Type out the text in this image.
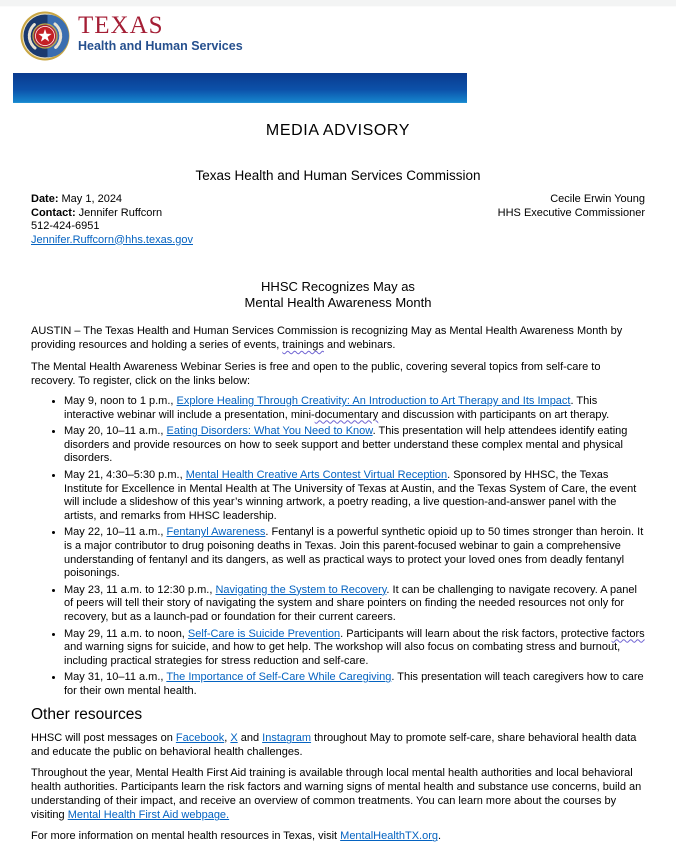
TEXAS
Health and Human Services
MEDIA ADVISORY
Texas Health and Human Services Commission
Date: May 1, 2024
Contact: Jennifer Ruffcorn
512-424-6951
Jennifer.Ruffcorn@hhs.texas.gov
Cecile Erwin Young
HHS Executive Commissioner
HHSC Recognizes May as
Mental Health Awareness Month

AUSTIN – The Texas Health and Human Services Commission is recognizing May as Mental Health Awareness Month by providing resources and holding a series of events, trainings and webinars.

The Mental Health Awareness Webinar Series is free and open to the public, covering several topics from self-care to recovery. To register, click on the links below:

• May 9, noon to 1 p.m., Explore Healing Through Creativity: An Introduction to Art Therapy and Its Impact. This interactive webinar will include a presentation, mini-documentary and discussion with participants on art therapy.
• May 20, 10–11 a.m., Eating Disorders: What You Need to Know. This presentation will help attendees identify eating disorders and provide resources on how to seek support and better understand these complex mental and physical disorders.
• May 21, 4:30–5:30 p.m., Mental Health Creative Arts Contest Virtual Reception. Sponsored by HHSC, the Texas Institute for Excellence in Mental Health at The University of Texas at Austin, and the Texas System of Care, the event will include a slideshow of this year’s winning artwork, a poetry reading, a live question-and-answer panel with the artists, and remarks from HHSC leadership.
• May 22, 10–11 a.m., Fentanyl Awareness. Fentanyl is a powerful synthetic opioid up to 50 times stronger than heroin. It is a major contributor to drug poisoning deaths in Texas. Join this parent-focused webinar to gain a comprehensive understanding of fentanyl and its dangers, as well as practical ways to protect your loved ones from deadly fentanyl poisonings.
• May 23, 11 a.m. to 12:30 p.m., Navigating the System to Recovery. It can be challenging to navigate recovery. A panel of peers will tell their story of navigating the system and share pointers on finding the needed resources not only for recovery, but as a launch-pad or foundation for their current careers.
• May 29, 11 a.m. to noon, Self-Care is Suicide Prevention. Participants will learn about the risk factors, protective factors and warning signs for suicide, and how to get help. The workshop will also focus on combating stress and burnout, including practical strategies for stress reduction and self-care.
• May 31, 10–11 a.m., The Importance of Self-Care While Caregiving. This presentation will teach caregivers how to care for their own mental health.
Other resources

HHSC will post messages on Facebook, X and Instagram throughout May to promote self-care, share behavioral health data and educate the public on behavioral health challenges.

Throughout the year, Mental Health First Aid training is available through local mental health authorities and local behavioral health authorities. Participants learn the risk factors and warning signs of mental health and substance use concerns, build an understanding of their impact, and receive an overview of common treatments. You can learn more about the courses by visiting Mental Health First Aid webpage.

For more information on mental health resources in Texas, visit MentalHealthTX.org.
